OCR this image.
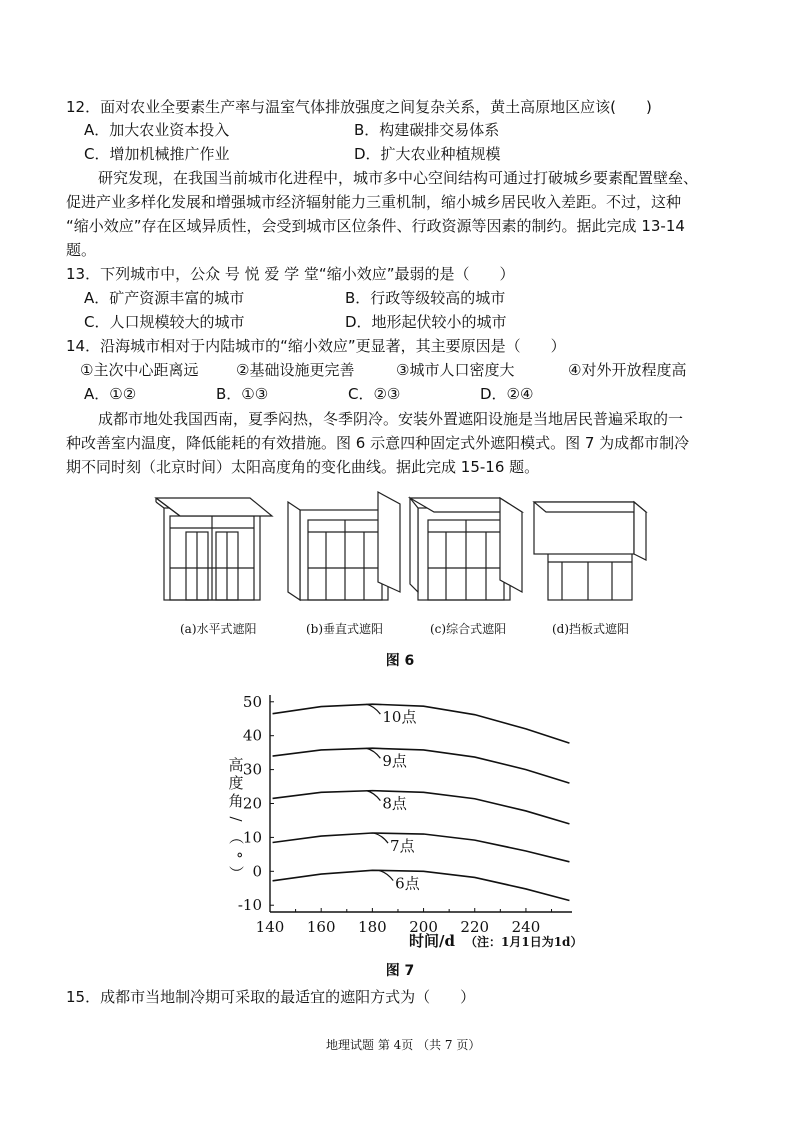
12．面对农业全要素生产率与温室气体排放强度之间复杂关系，黄土高原地区应该(　　)
A．加大农业资本投入	B．构建碳排交易体系
C．增加机械推广作业	D．扩大农业种植规模
研究发现，在我国当前城市化进程中，城市多中心空间结构可通过打破城乡要素配置壁垒、
促进产业多样化发展和增强城市经济辐射能力三重机制，缩小城乡居民收入差距。不过，这种
“缩小效应”存在区域异质性，会受到城市区位条件、行政资源等因素的制约。据此完成 13-14
题。
13．下列城市中，公众 号 悦 爱 学 堂“缩小效应”最弱的是（　　）
A．矿产资源丰富的城市	B．行政等级较高的城市
C．人口规模较大的城市	D．地形起伏较小的城市
14．沿海城市相对于内陆城市的“缩小效应”更显著，其主要原因是（　　）
①主次中心距离远	②基础设施更完善	③城市人口密度大	④对外开放程度高
A．①②	B．①③	C．②③	D．②④
成都市地处我国西南，夏季闷热，冬季阴冷。安装外置遮阳设施是当地居民普遍采取的一
种改善室内温度，降低能耗的有效措施。图 6 示意四种固定式外遮阳模式。图 7 为成都市制冷
期不同时刻（北京时间）太阳高度角的变化曲线。据此完成 15-16 题。
(a)水平式遮阳	(b)垂直式遮阳	(c)综合式遮阳	(d)挡板式遮阳
图 6
50
40
30
20
10
0
-10
140 160 180 200 220 240
时间/d （注：1月1日为1d）
高
度
角
/
（
°
）
10点
9点
8点
7点
6点
图 7
15．成都市当地制冷期可采取的最适宜的遮阳方式为（　　）
地理试题 第 4页 （共 7 页）
